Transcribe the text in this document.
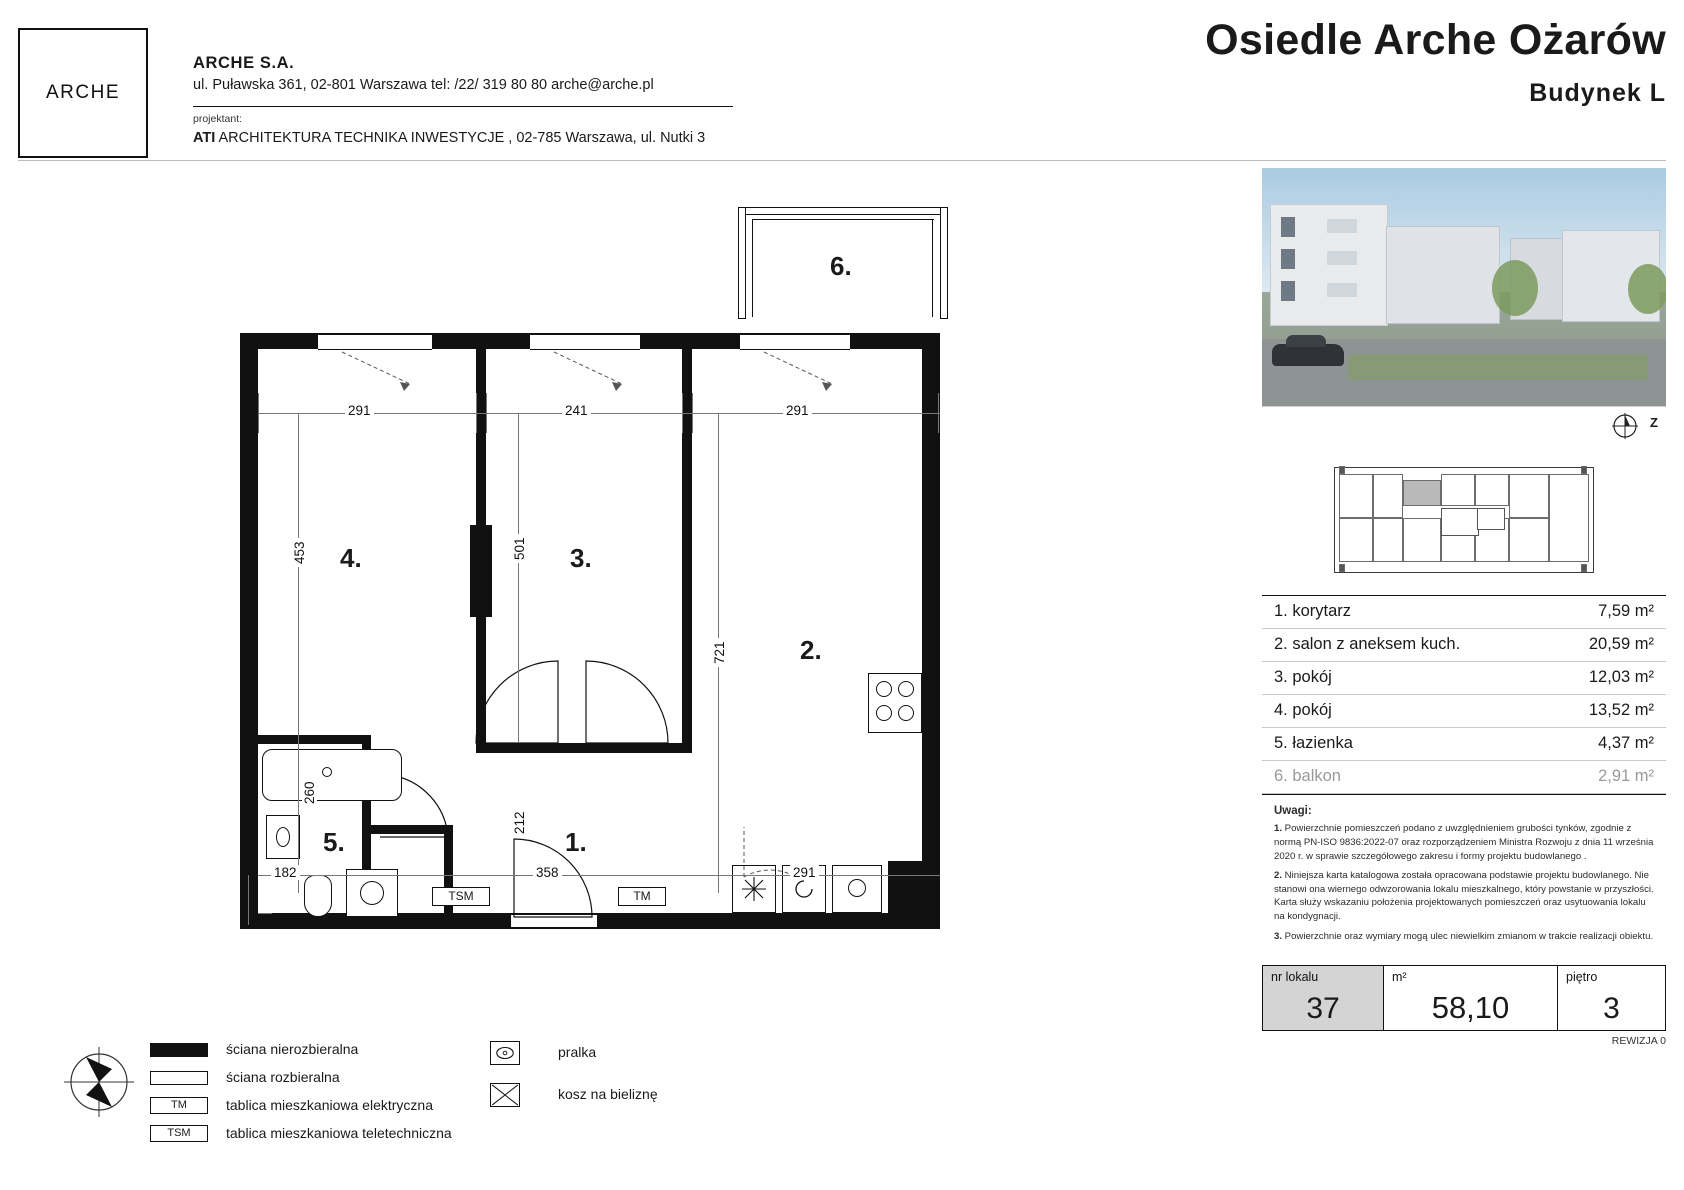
ARCHE
ARCHE S.A.
ul. Puławska 361, 02-801 Warszawa tel: /22/ 319 80 80 arche@arche.pl
projektant:
ATI ARCHITEKTURA TECHNIKA INWESTYCJE , 02-785 Warszawa, ul. Nutki 3
Osiedle Arche Ożarów
Budynek L
Z
1. korytarz	7,59 m²
2. salon z aneksem kuch.	20,59 m²
3. pokój	12,03 m²
4. pokój	13,52 m²
5. łazienka	4,37 m²
6. balkon	2,91 m²
Uwagi:

1. Powierzchnie pomieszczeń podano z uwzględnieniem grubości tynków, zgodnie z normą PN-ISO 9836:2022-07 oraz rozporządzeniem Ministra Rozwoju z dnia 11 września 2020 r. w sprawie szczegółowego zakresu i formy projektu budowlanego .

2. Niniejsza karta katalogowa została opracowana podstawie projektu budowlanego. Nie stanowi ona wiernego odwzorowania lokalu mieszkalnego, który powstanie w przyszłości. Karta służy wskazaniu położenia projektowanych pomieszczeń oraz usytuowania lokalu na kondygnacji.

3. Powierzchnie oraz wymiary mogą ulec niewielkim zmianom w trakcie realizacji obiektu.

nr lokalu
37
m²
58,10
piętro
3
REWIZJA 0
6.
4.	3.
2.
5.	1.
TSM	TM
291	241	291
453	501
721
260
212
182	358	291
ściana nierozbieralna
ściana rozbieralna
TM	tablica mieszkaniowa elektryczna
TSM	tablica mieszkaniowa teletechniczna
pralka
kosz na bieliznę
